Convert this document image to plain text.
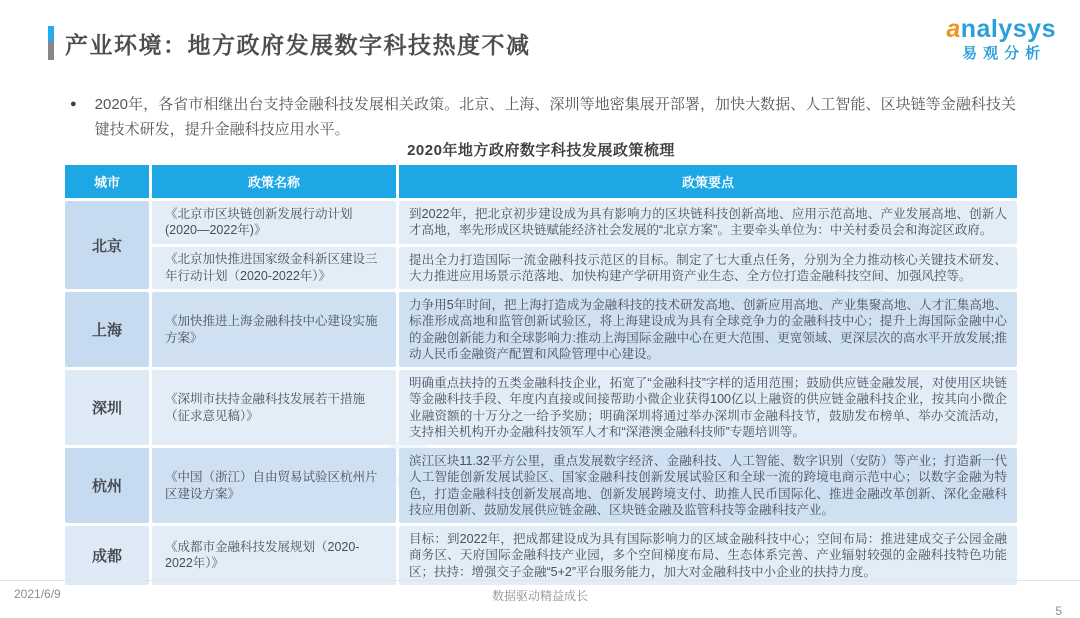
产业环境：地方政府发展数字科技热度不减
analysys
易观分析
● 2020年，各省市相继出台支持金融科技发展相关政策。北京、上海、深圳等地密集展开部署，加快大数据、人工智能、区块链等金融科技关键技术研发，提升金融科技应用水平。

2020年地方政府数字科技发展政策梳理
城市	政策名称	政策要点
北京	《北京市区块链创新发展行动计划(2020—2022年)》	到2022年，把北京初步建设成为具有影响力的区块链科技创新高地、应用示范高地、产业发展高地、创新人才高地，率先形成区块链赋能经济社会发展的“北京方案”。主要牵头单位为：中关村委员会和海淀区政府。
	《北京加快推进国家级金科新区建设三年行动计划（2020-2022年）》	提出全力打造国际一流金融科技示范区的目标。制定了七大重点任务，分别为全力推动核心关键技术研发、大力推进应用场景示范落地、加快构建产学研用资产业生态、全方位打造金融科技空间、加强风控等。
上海	《加快推进上海金融科技中心建设实施方案》	力争用5年时间，把上海打造成为金融科技的技术研发高地、创新应用高地、产业集聚高地、人才汇集高地、标准形成高地和监管创新试验区，将上海建设成为具有全球竞争力的金融科技中心；提升上海国际金融中心的金融创新能力和全球影响力:推动上海国际金融中心在更大范围、更宽领域、更深层次的高水平开放发展;推动人民币金融资产配置和风险管理中心建设。
深圳	《深圳市扶持金融科技发展若干措施（征求意见稿）》	明确重点扶持的五类金融科技企业，拓宽了“金融科技”字样的适用范围；鼓励供应链金融发展，对使用区块链等金融科技手段、年度内直接或间接帮助小微企业获得100亿以上融资的供应链金融科技企业，按其向小微企业融资额的十万分之一给予奖励；明确深圳将通过举办深圳市金融科技节，鼓励发布榜单、举办交流活动，支持相关机构开办金融科技领军人才和“深港澳金融科技师”专题培训等。
杭州	《中国（浙江）自由贸易试验区杭州片区建设方案》	滨江区块11.32平方公里，重点发展数字经济、金融科技、人工智能、数字识别（安防）等产业；打造新一代人工智能创新发展试验区、国家金融科技创新发展试验区和全球一流的跨境电商示范中心；以数字金融为特色，打造金融科技创新发展高地、创新发展跨境支付、助推人民币国际化、推进金融改革创新、深化金融科技应用创新、鼓励发展供应链金融、区块链金融及监管科技等金融科技产业。
成都	《成都市金融科技发展规划（2020-2022年）》	目标：到2022年，把成都建设成为具有国际影响力的区域金融科技中心；空间布局：推进建成交子公园金融商务区、天府国际金融科技产业园，多个空间梯度布局、生态体系完善、产业辐射较强的金融科技特色功能区；扶持：增强交子金融“5+2”平台服务能力，加大对金融科技中小企业的扶持力度。
2021/6/9	数据驱动精益成长
5
